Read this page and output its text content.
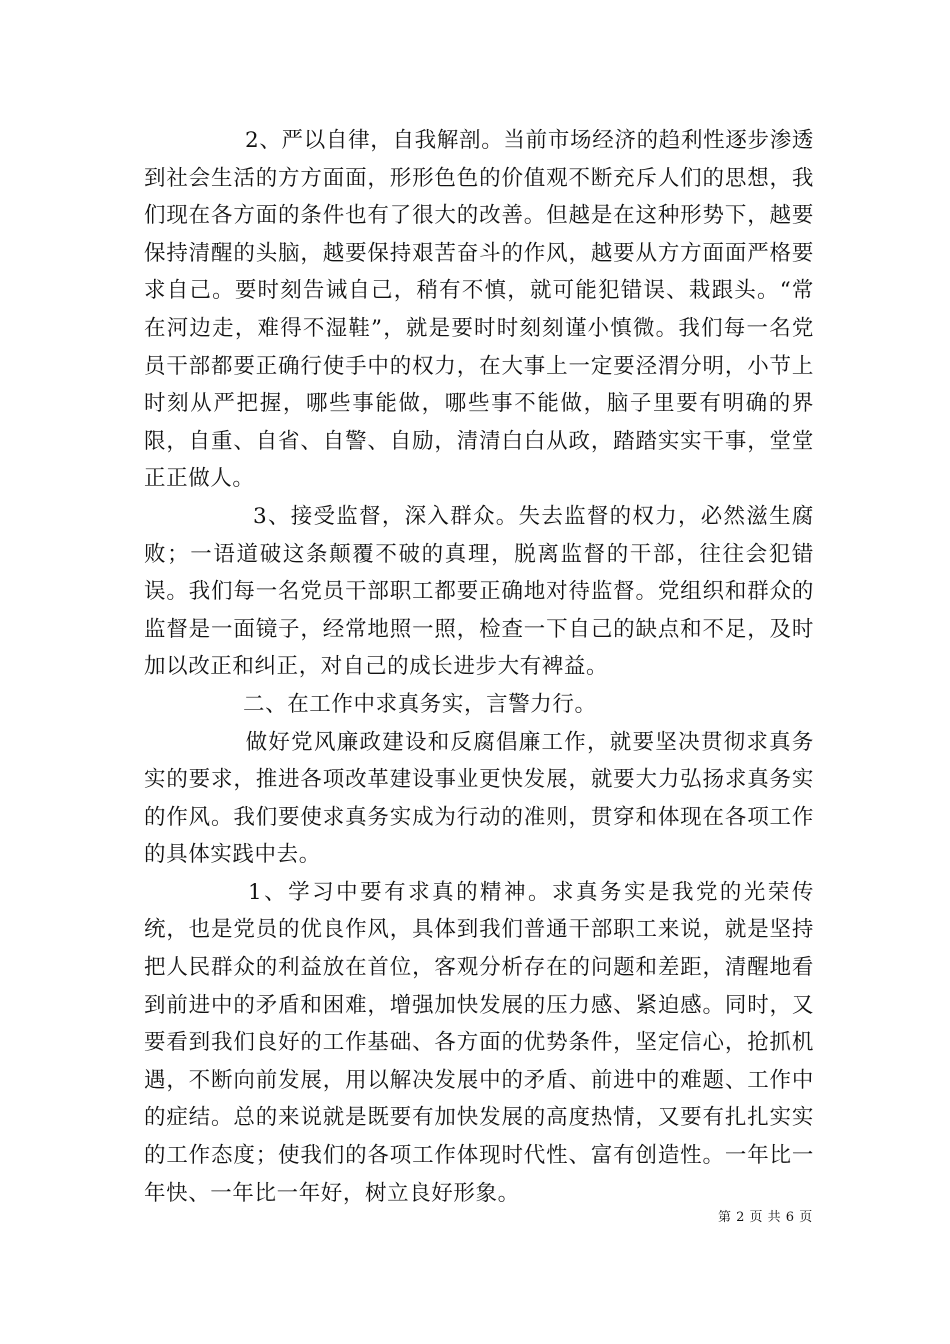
2、严以自律，自我解剖。当前市场经济的趋利性逐步渗透到社会生活的方方面面，形形色色的价值观不断充斥人们的思想，我们现在各方面的条件也有了很大的改善。但越是在这种形势下，越要保持清醒的头脑，越要保持艰苦奋斗的作风，越要从方方面面严格要求自己。要时刻告诫自己，稍有不慎，就可能犯错误、栽跟头。“常在河边走，难得不湿鞋”，就是要时时刻刻谨小慎微。我们每一名党员干部都要正确行使手中的权力，在大事上一定要泾渭分明，小节上时刻从严把握，哪些事能做，哪些事不能做，脑子里要有明确的界限，自重、自省、自警、自励，清清白白从政，踏踏实实干事，堂堂正正做人。

3、接受监督，深入群众。失去监督的权力，必然滋生腐败；一语道破这条颠覆不破的真理，脱离监督的干部，往往会犯错误。我们每一名党员干部职工都要正确地对待监督。党组织和群众的监督是一面镜子，经常地照一照，检查一下自己的缺点和不足，及时加以改正和纠正，对自己的成长进步大有裨益。

二、在工作中求真务实，言警力行。

做好党风廉政建设和反腐倡廉工作，就要坚决贯彻求真务实的要求，推进各项改革建设事业更快发展，就要大力弘扬求真务实的作风。我们要使求真务实成为行动的准则，贯穿和体现在各项工作的具体实践中去。

1、学习中要有求真的精神。求真务实是我党的光荣传统，也是党员的优良作风，具体到我们普通干部职工来说，就是坚持把人民群众的利益放在首位，客观分析存在的问题和差距，清醒地看到前进中的矛盾和困难，增强加快发展的压力感、紧迫感。同时，又要看到我们良好的工作基础、各方面的优势条件，坚定信心，抢抓机遇，不断向前发展，用以解决发展中的矛盾、前进中的难题、工作中的症结。总的来说就是既要有加快发展的高度热情，又要有扎扎实实的工作态度；使我们的各项工作体现时代性、富有创造性。一年比一年快、一年比一年好，树立良好形象。

第 2 页 共 6 页
